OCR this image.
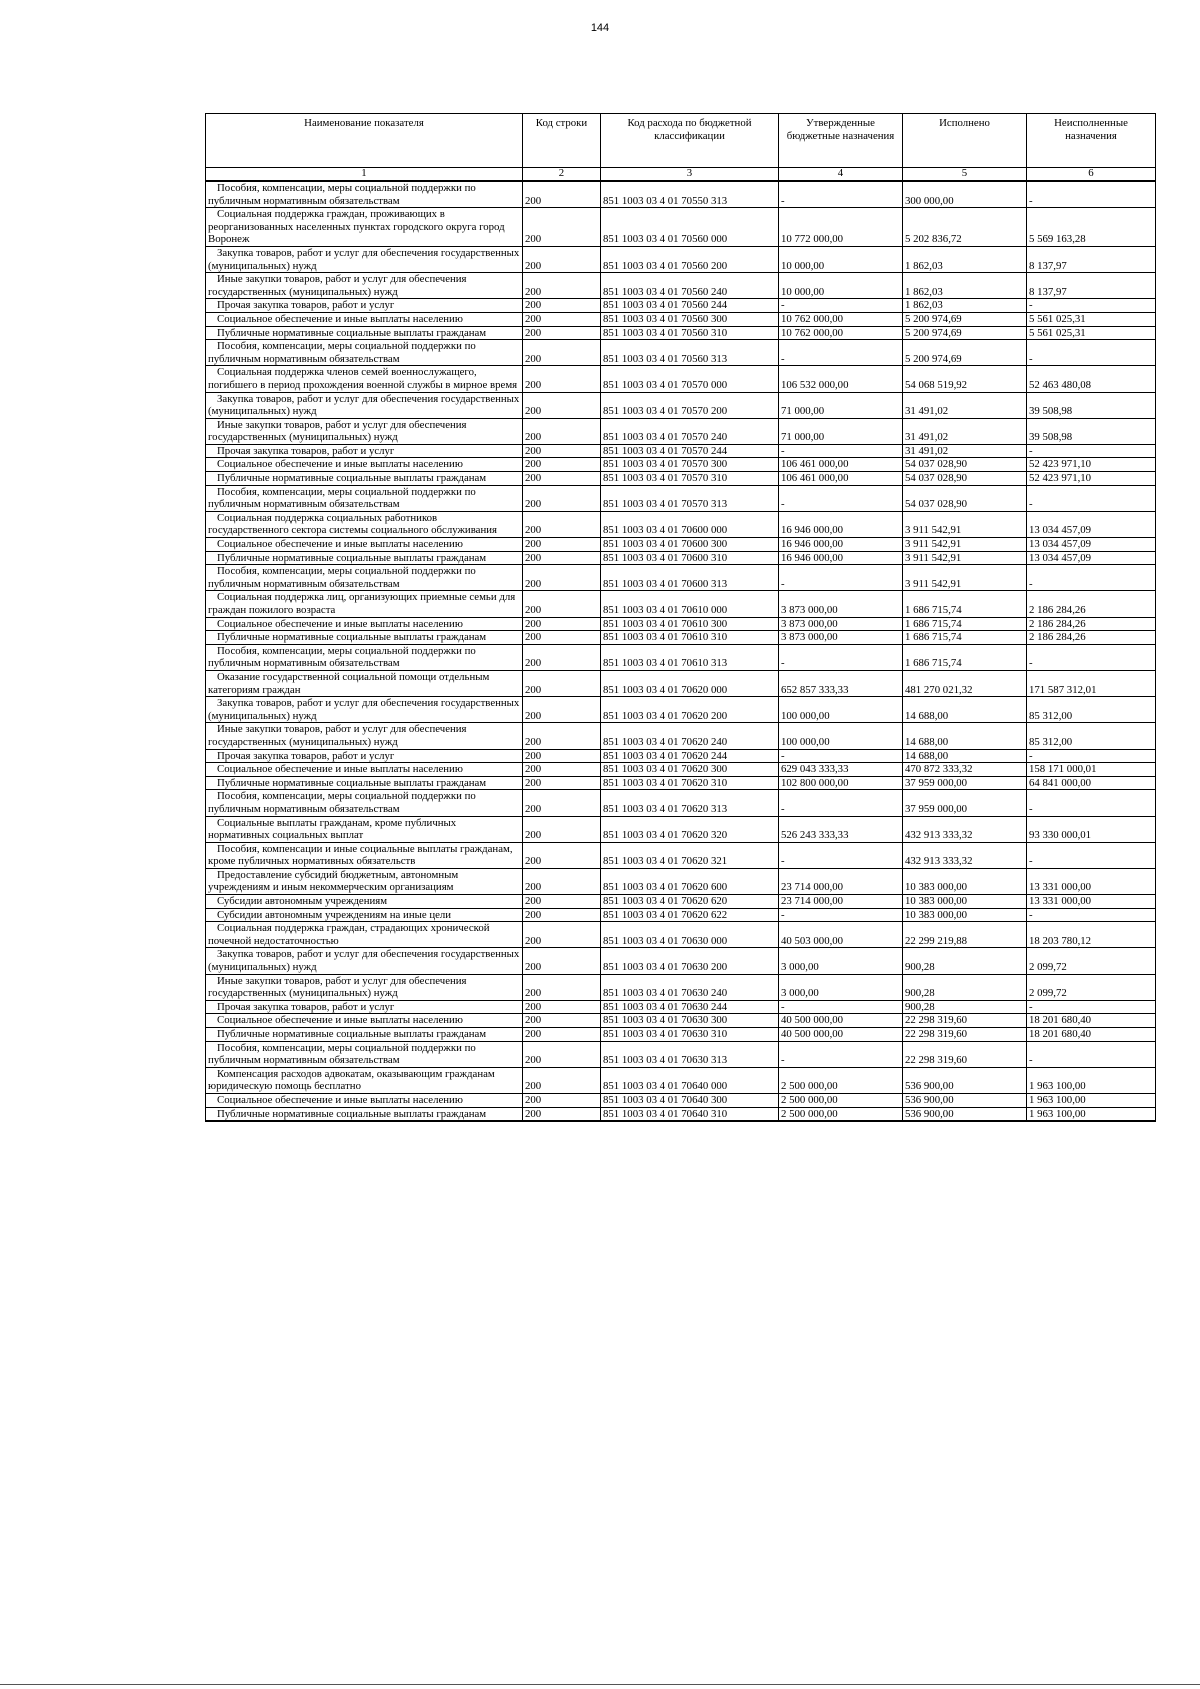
144
Наименование показателя	Код строки	Код расхода по бюджетной классификации	Утвержденные бюджетные назначения	Исполнено	Неисполненные назначения
1	2	3	4	5	6
Пособия, компенсации, меры социальной поддержки по публичным нормативным обязательствам	200	851 1003 03 4 01 70550 313	-	300 000,00	-
Социальная поддержка граждан, проживающих в реорганизованных населенных пунктах городского округа город Воронеж	200	851 1003 03 4 01 70560 000	10 772 000,00	5 202 836,72	5 569 163,28
Закупка товаров, работ и услуг для обеспечения государственных (муниципальных) нужд	200	851 1003 03 4 01 70560 200	10 000,00	1 862,03	8 137,97
Иные закупки товаров, работ и услуг для обеспечения государственных (муниципальных) нужд	200	851 1003 03 4 01 70560 240	10 000,00	1 862,03	8 137,97
Прочая закупка товаров, работ и услуг	200	851 1003 03 4 01 70560 244	-	1 862,03	-
Социальное обеспечение и иные выплаты населению	200	851 1003 03 4 01 70560 300	10 762 000,00	5 200 974,69	5 561 025,31
Публичные нормативные социальные выплаты гражданам	200	851 1003 03 4 01 70560 310	10 762 000,00	5 200 974,69	5 561 025,31
Пособия, компенсации, меры социальной поддержки по публичным нормативным обязательствам	200	851 1003 03 4 01 70560 313	-	5 200 974,69	-
Социальная поддержка членов семей военнослужащего, погибшего в период прохождения военной службы в мирное время	200	851 1003 03 4 01 70570 000	106 532 000,00	54 068 519,92	52 463 480,08
Закупка товаров, работ и услуг для обеспечения государственных (муниципальных) нужд	200	851 1003 03 4 01 70570 200	71 000,00	31 491,02	39 508,98
Иные закупки товаров, работ и услуг для обеспечения государственных (муниципальных) нужд	200	851 1003 03 4 01 70570 240	71 000,00	31 491,02	39 508,98
Прочая закупка товаров, работ и услуг	200	851 1003 03 4 01 70570 244	-	31 491,02	-
Социальное обеспечение и иные выплаты населению	200	851 1003 03 4 01 70570 300	106 461 000,00	54 037 028,90	52 423 971,10
Публичные нормативные социальные выплаты гражданам	200	851 1003 03 4 01 70570 310	106 461 000,00	54 037 028,90	52 423 971,10
Пособия, компенсации, меры социальной поддержки по публичным нормативным обязательствам	200	851 1003 03 4 01 70570 313	-	54 037 028,90	-
Социальная поддержка социальных работников государственного сектора системы социального обслуживания	200	851 1003 03 4 01 70600 000	16 946 000,00	3 911 542,91	13 034 457,09
Социальное обеспечение и иные выплаты населению	200	851 1003 03 4 01 70600 300	16 946 000,00	3 911 542,91	13 034 457,09
Публичные нормативные социальные выплаты гражданам	200	851 1003 03 4 01 70600 310	16 946 000,00	3 911 542,91	13 034 457,09
Пособия, компенсации, меры социальной поддержки по публичным нормативным обязательствам	200	851 1003 03 4 01 70600 313	-	3 911 542,91	-
Социальная поддержка лиц, организующих приемные семьи для граждан пожилого возраста	200	851 1003 03 4 01 70610 000	3 873 000,00	1 686 715,74	2 186 284,26
Социальное обеспечение и иные выплаты населению	200	851 1003 03 4 01 70610 300	3 873 000,00	1 686 715,74	2 186 284,26
Публичные нормативные социальные выплаты гражданам	200	851 1003 03 4 01 70610 310	3 873 000,00	1 686 715,74	2 186 284,26
Пособия, компенсации, меры социальной поддержки по публичным нормативным обязательствам	200	851 1003 03 4 01 70610 313	-	1 686 715,74	-
Оказание государственной социальной помощи отдельным категориям граждан	200	851 1003 03 4 01 70620 000	652 857 333,33	481 270 021,32	171 587 312,01
Закупка товаров, работ и услуг для обеспечения государственных (муниципальных) нужд	200	851 1003 03 4 01 70620 200	100 000,00	14 688,00	85 312,00
Иные закупки товаров, работ и услуг для обеспечения государственных (муниципальных) нужд	200	851 1003 03 4 01 70620 240	100 000,00	14 688,00	85 312,00
Прочая закупка товаров, работ и услуг	200	851 1003 03 4 01 70620 244	-	14 688,00	-
Социальное обеспечение и иные выплаты населению	200	851 1003 03 4 01 70620 300	629 043 333,33	470 872 333,32	158 171 000,01
Публичные нормативные социальные выплаты гражданам	200	851 1003 03 4 01 70620 310	102 800 000,00	37 959 000,00	64 841 000,00
Пособия, компенсации, меры социальной поддержки по публичным нормативным обязательствам	200	851 1003 03 4 01 70620 313	-	37 959 000,00	-
Социальные выплаты гражданам, кроме публичных нормативных социальных выплат	200	851 1003 03 4 01 70620 320	526 243 333,33	432 913 333,32	93 330 000,01
Пособия, компенсации и иные социальные выплаты гражданам, кроме публичных нормативных обязательств	200	851 1003 03 4 01 70620 321	-	432 913 333,32	-
Предоставление субсидий бюджетным, автономным учреждениям и иным некоммерческим организациям	200	851 1003 03 4 01 70620 600	23 714 000,00	10 383 000,00	13 331 000,00
Субсидии автономным учреждениям	200	851 1003 03 4 01 70620 620	23 714 000,00	10 383 000,00	13 331 000,00
Субсидии автономным учреждениям на иные цели	200	851 1003 03 4 01 70620 622	-	10 383 000,00	-
Социальная поддержка граждан, страдающих хронической почечной недостаточностью	200	851 1003 03 4 01 70630 000	40 503 000,00	22 299 219,88	18 203 780,12
Закупка товаров, работ и услуг для обеспечения государственных (муниципальных) нужд	200	851 1003 03 4 01 70630 200	3 000,00	900,28	2 099,72
Иные закупки товаров, работ и услуг для обеспечения государственных (муниципальных) нужд	200	851 1003 03 4 01 70630 240	3 000,00	900,28	2 099,72
Прочая закупка товаров, работ и услуг	200	851 1003 03 4 01 70630 244	-	900,28	-
Социальное обеспечение и иные выплаты населению	200	851 1003 03 4 01 70630 300	40 500 000,00	22 298 319,60	18 201 680,40
Публичные нормативные социальные выплаты гражданам	200	851 1003 03 4 01 70630 310	40 500 000,00	22 298 319,60	18 201 680,40
Пособия, компенсации, меры социальной поддержки по публичным нормативным обязательствам	200	851 1003 03 4 01 70630 313	-	22 298 319,60	-
Компенсация расходов адвокатам, оказывающим гражданам юридическую помощь бесплатно	200	851 1003 03 4 01 70640 000	2 500 000,00	536 900,00	1 963 100,00
Социальное обеспечение и иные выплаты населению	200	851 1003 03 4 01 70640 300	2 500 000,00	536 900,00	1 963 100,00
Публичные нормативные социальные выплаты гражданам	200	851 1003 03 4 01 70640 310	2 500 000,00	536 900,00	1 963 100,00
